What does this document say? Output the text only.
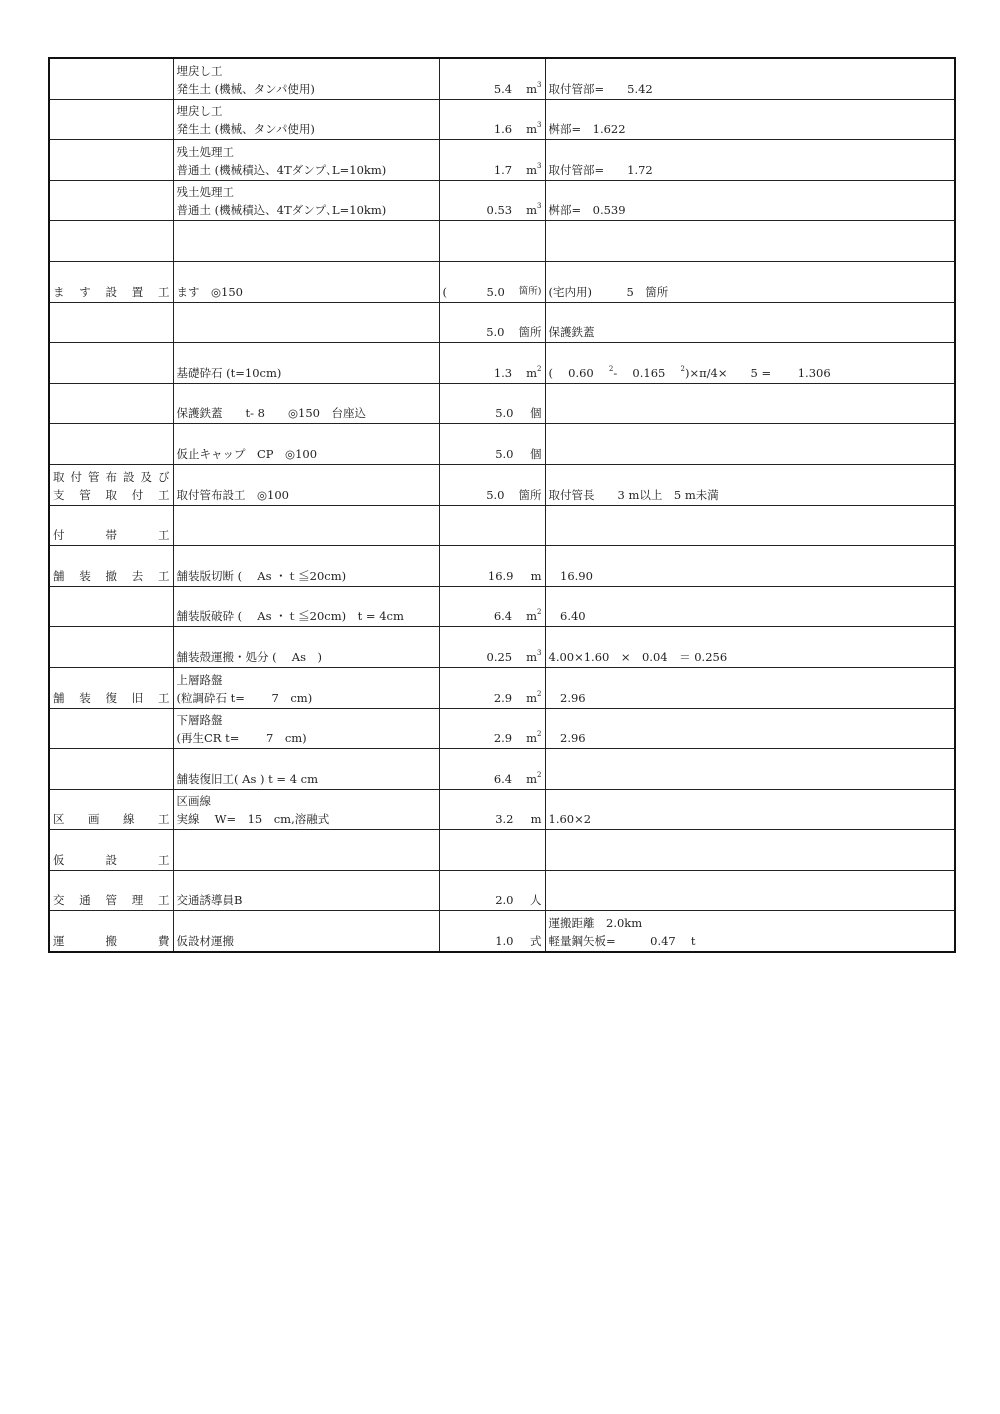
	埋戻し工
発生土 (機械、タンパ使用)	5.4 $m^3$	取付管部=　　5.42

	埋戻し工
発生土 (機械、タンパ使用)	1.6 $m^3$	桝部=　1.622

	残土処理工
普通土 (機械積込、4Tダンプ､L=10km)	1.7 $m^3$	取付管部=　　1.72

	残土処理工
普通土 (機械積込、4Tダンプ､L=10km)	0.53 $m^3$	桝部=　0.539

ます設置工	ます　◎150	( 5.0 箇所)	(宅内用)　　　5　箇所

		5.0 箇所	保護鉄蓋

	基礎砕石 (t=10cm)	1.3 $m^2$	(　 0.60　 $^2$-　 0.165　 $^2$)×π/4×　　5 =　　 1.306

	保護鉄蓋　　t- 8　　◎150　台座込	5.0 個	

	仮止キャップ　CP　◎100	5.0 個	

取付管布設及び
支管取付工	取付管布設工　◎100	5.0 箇所	取付管長　　3 m以上　5 m未満

付帯工			

舗装撤去工	舗装版切断 (　 As ・ｔ≦20cm)	16.9 m	　16.90

	舗装版破砕 (　 As ・ｔ≦20cm)　t = 4cm	6.4 $m^2$	　6.40

	舗装殻運搬・処分 (　 As　)	0.25 $m^3$	4.00×1.60　×　0.04　＝ 0.256

舗装復旧工	上層路盤
(粒調砕石 t=　　 7　cm)	2.9 $m^2$	　2.96

	下層路盤
(再生CR t=　　 7　cm)	2.9 $m^2$	　2.96

	舗装復旧工( As ) t = 4 cm	6.4 $m^2$

区画線工	区画線
実線　 W=　15　cm,溶融式	3.2 m	1.60×2

仮設工			

交通管理工	交通誘導員B	2.0 人	

運搬費	仮設材運搬	1.0 式	運搬距離　2.0km
軽量鋼矢板=　　　0.47　 t
